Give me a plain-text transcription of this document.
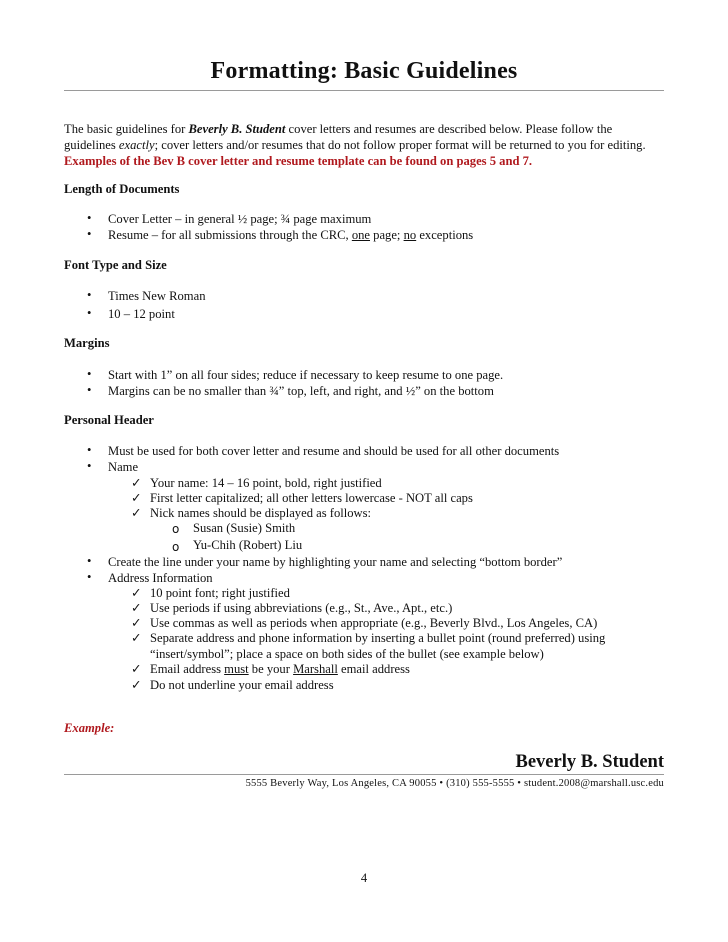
Formatting: Basic Guidelines
The basic guidelines for Beverly B. Student cover letters and resumes are described below. Please follow the guidelines exactly; cover letters and/or resumes that do not follow proper format will be returned to you for editing. Examples of the Bev B cover letter and resume template can be found on pages 5 and 7.
Length of Documents
• Cover Letter – in general ½ page; ¾ page maximum
• Resume – for all submissions through the CRC, one page; no exceptions
Font Type and Size
• Times New Roman
• 10 – 12 point
Margins
• Start with 1” on all four sides; reduce if necessary to keep resume to one page.
• Margins can be no smaller than ¾” top, left, and right, and ½” on the bottom
Personal Header
• Must be used for both cover letter and resume and should be used for all other documents
• Name
✓ Your name: 14 – 16 point, bold, right justified
✓ First letter capitalized; all other letters lowercase - NOT all caps
✓ Nick names should be displayed as follows:
o Susan (Susie) Smith
o Yu-Chih (Robert) Liu
• Create the line under your name by highlighting your name and selecting “bottom border”
• Address Information
✓ 10 point font; right justified
✓ Use periods if using abbreviations (e.g., St., Ave., Apt., etc.)
✓ Use commas as well as periods when appropriate (e.g., Beverly Blvd., Los Angeles, CA)
✓ Separate address and phone information by inserting a bullet point (round preferred) using
“insert/symbol”; place a space on both sides of the bullet (see example below)
✓ Email address must be your Marshall email address
✓ Do not underline your email address
Example:
Beverly B. Student
5555 Beverly Way, Los Angeles, CA 90055 • (310) 555-5555 • student.2008@marshall.usc.edu
4
